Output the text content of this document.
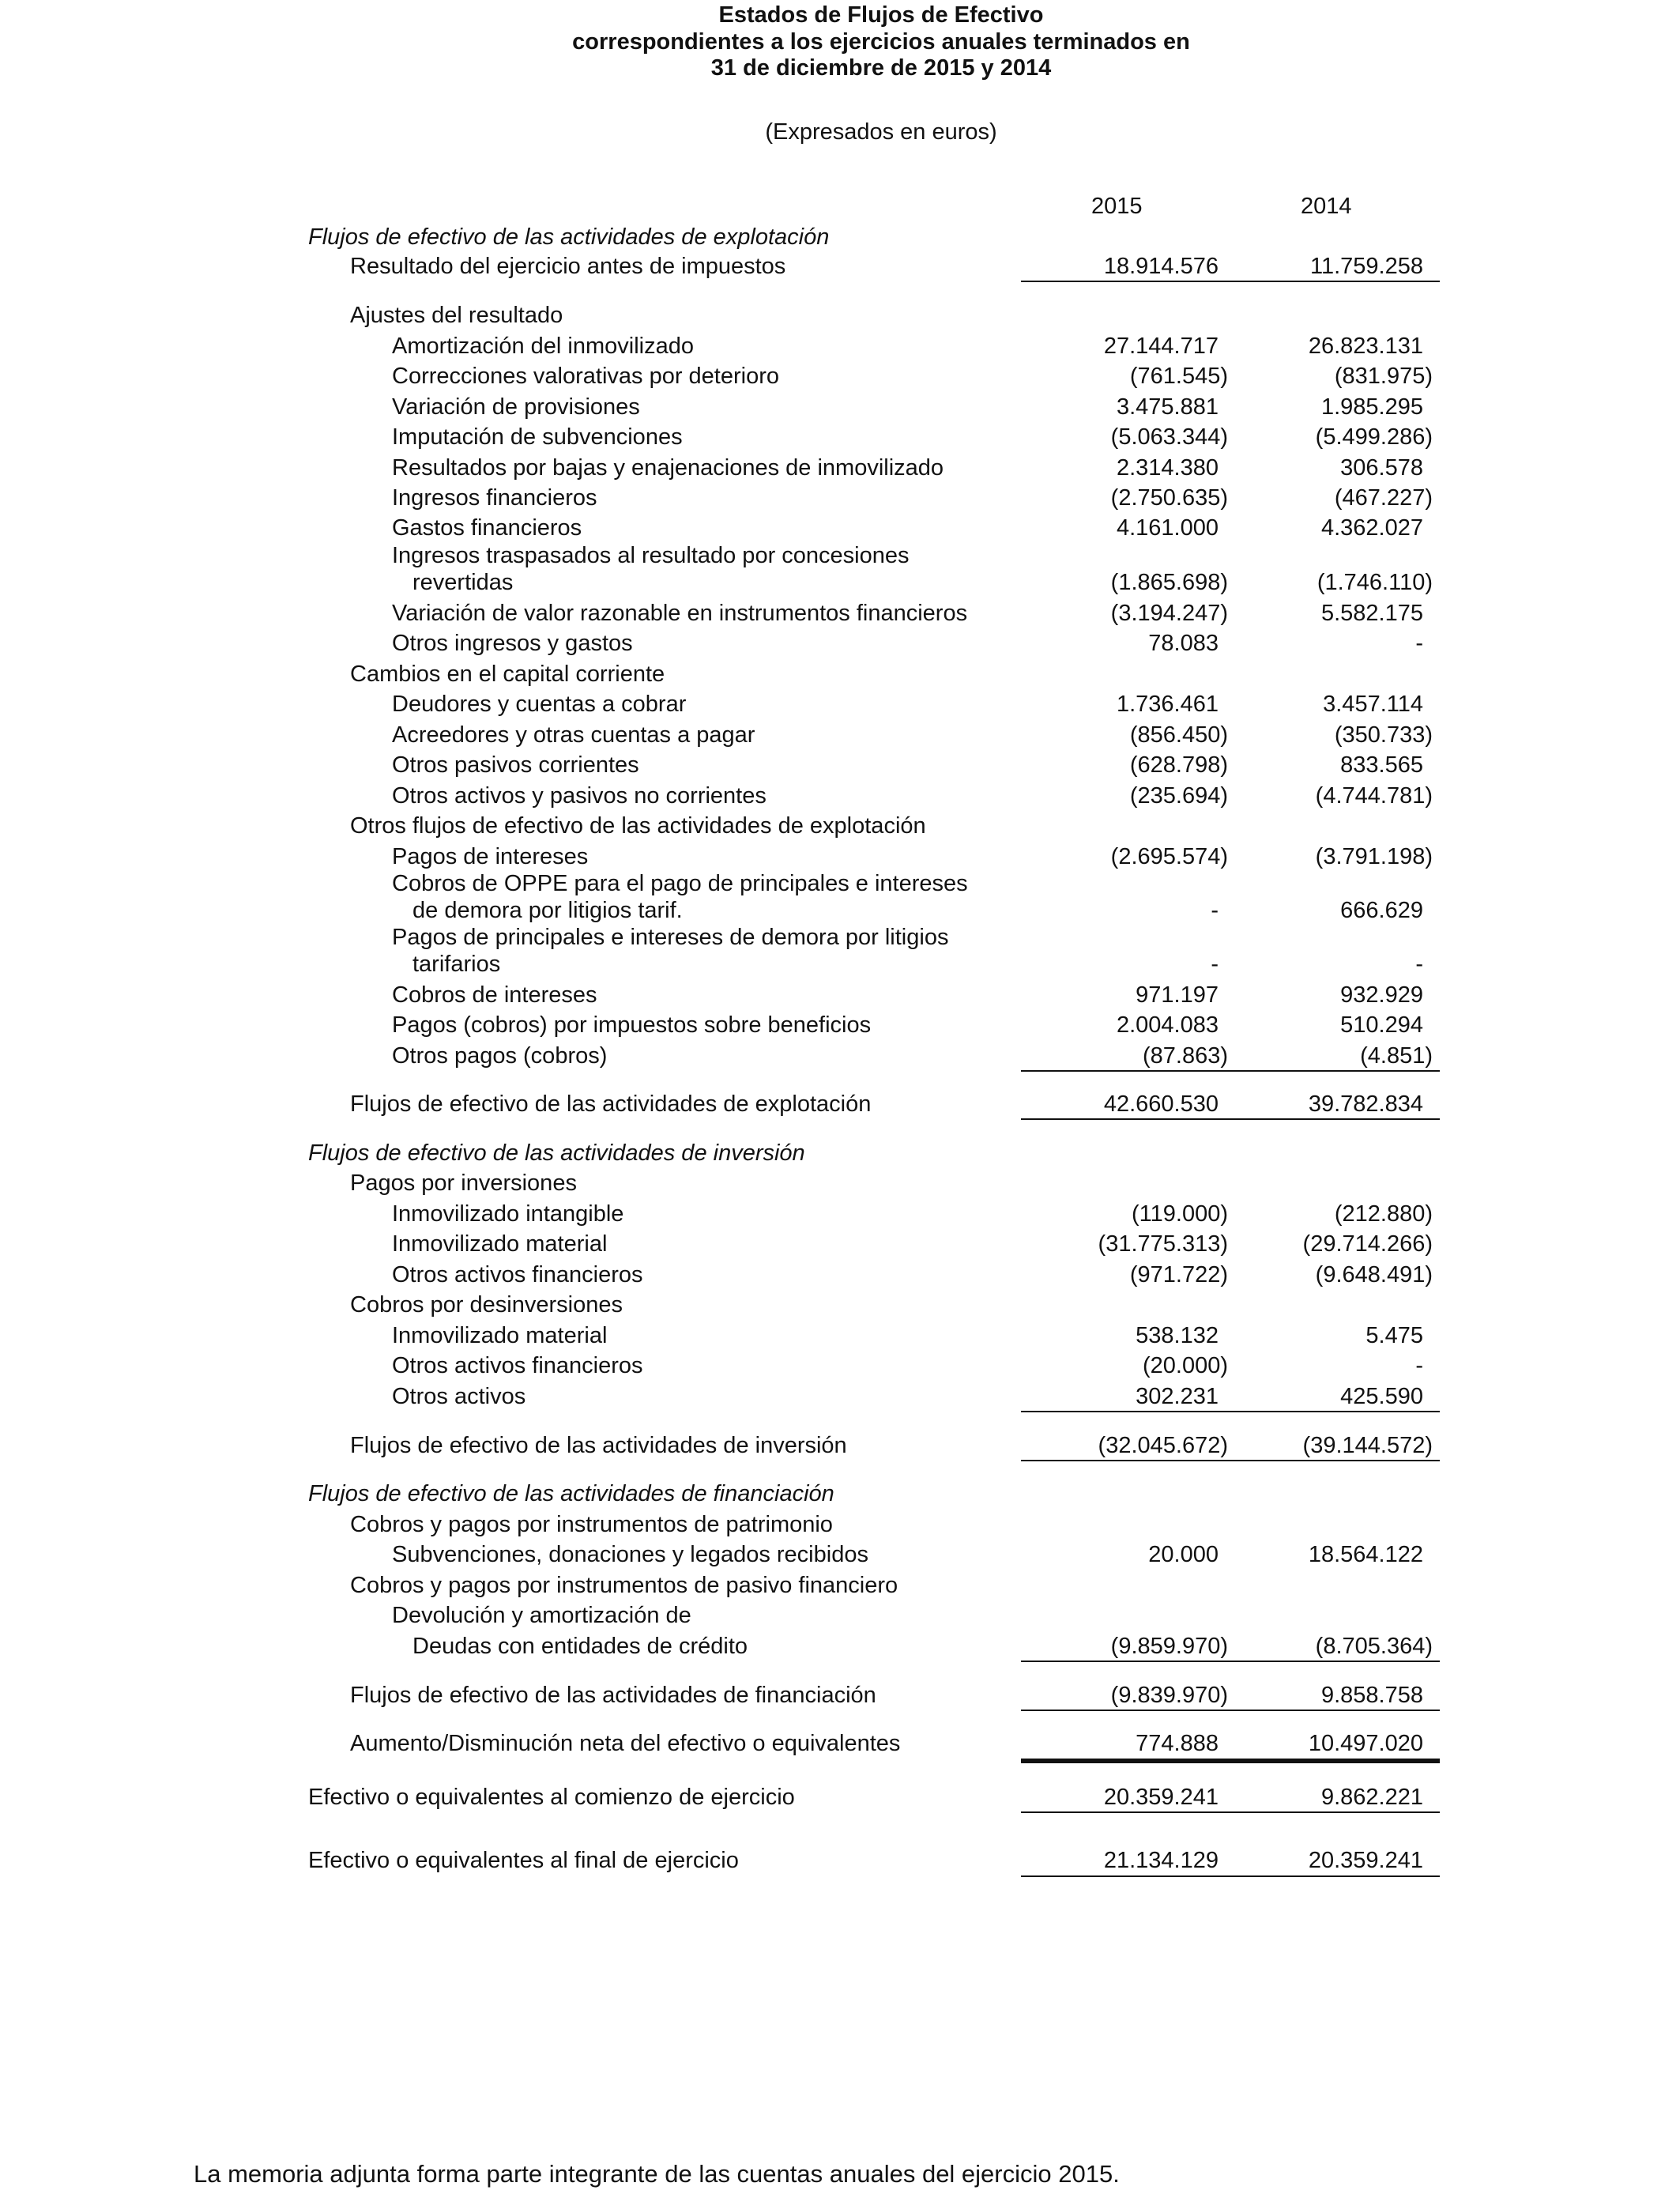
Estados de Flujos de Efectivo
correspondientes a los ejercicios anuales terminados en
31 de diciembre de 2015 y 2014
(Expresados en euros)
2015	2014
Flujos de efectivo de las actividades de explotación
Resultado del ejercicio antes de impuestos	18.914.576	11.759.258
Ajustes del resultado
Amortización del inmovilizado	27.144.717	26.823.131
Correcciones valorativas por deterioro	(761.545)	(831.975)
Variación de provisiones	3.475.881	1.985.295
Imputación de subvenciones	(5.063.344)	(5.499.286)
Resultados por bajas y enajenaciones de inmovilizado	2.314.380	306.578
Ingresos financieros	(2.750.635)	(467.227)
Gastos financieros	4.161.000	4.362.027
Ingresos traspasados al resultado por concesiones
revertidas	(1.865.698)	(1.746.110)
Variación de valor razonable en instrumentos financieros	(3.194.247)	5.582.175
Otros ingresos y gastos	78.083	-
Cambios en el capital corriente
Deudores y cuentas a cobrar	1.736.461	3.457.114
Acreedores y otras cuentas a pagar	(856.450)	(350.733)
Otros pasivos corrientes	(628.798)	833.565
Otros activos y pasivos no corrientes	(235.694)	(4.744.781)
Otros flujos de efectivo de las actividades de explotación
Pagos de intereses	(2.695.574)	(3.791.198)
Cobros de OPPE para el pago de principales e intereses
de demora por litigios tarif.	-	666.629
Pagos de principales e intereses de demora por litigios
tarifarios	-	-
Cobros de intereses	971.197	932.929
Pagos (cobros) por impuestos sobre beneficios	2.004.083	510.294
Otros pagos (cobros)	(87.863)	(4.851)
Flujos de efectivo de las actividades de explotación	42.660.530	39.782.834
Flujos de efectivo de las actividades de inversión
Pagos por inversiones
Inmovilizado intangible	(119.000)	(212.880)
Inmovilizado material	(31.775.313)	(29.714.266)
Otros activos financieros	(971.722)	(9.648.491)
Cobros por desinversiones
Inmovilizado material	538.132	5.475
Otros activos financieros	(20.000)	-
Otros activos	302.231	425.590
Flujos de efectivo de las actividades de inversión	(32.045.672)	(39.144.572)
Flujos de efectivo de las actividades de financiación
Cobros y pagos por instrumentos de patrimonio
Subvenciones, donaciones y legados recibidos	20.000	18.564.122
Cobros y pagos por instrumentos de pasivo financiero
Devolución y amortización de
Deudas con entidades de crédito	(9.859.970)	(8.705.364)
Flujos de efectivo de las actividades de financiación	(9.839.970)	9.858.758
Aumento/Disminución neta del efectivo o equivalentes	774.888	10.497.020
Efectivo o equivalentes al comienzo de ejercicio	20.359.241	9.862.221
Efectivo o equivalentes al final de ejercicio	21.134.129	20.359.241
La memoria adjunta forma parte integrante de las cuentas anuales del ejercicio 2015.
